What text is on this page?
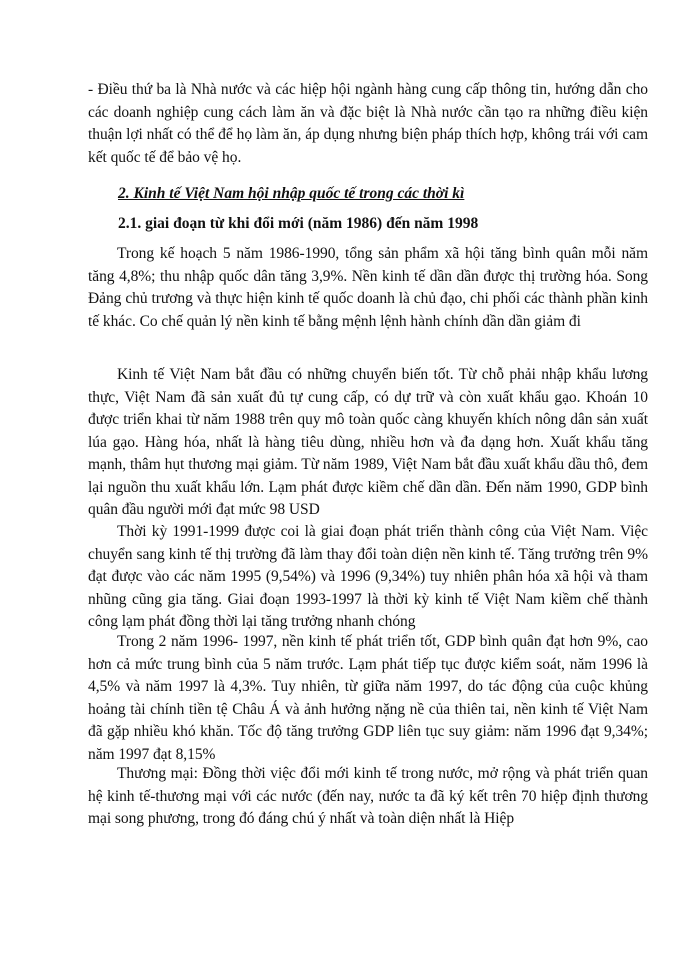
- Điều thứ ba là Nhà nước và các hiệp hội ngành hàng cung cấp thông tin, hướng dẫn cho các doanh nghiệp cung cách làm ăn và đặc biệt là Nhà nước cần tạo ra những điều kiện thuận lợi nhất có thể để họ làm ăn, áp dụng nhưng biện pháp thích hợp, không trái với cam kết quốc tế để bảo vệ họ.

2. Kinh tế Việt Nam hội nhập quốc tế trong các thời kì

2.1. giai đoạn từ khi đổi mới (năm 1986) đến năm 1998

Trong kế hoạch 5 năm 1986-1990, tổng sản phẩm xã hội tăng bình quân mỗi năm tăng 4,8%; thu nhập quốc dân tăng 3,9%. Nền kinh tế dần dần được thị trường hóa. Song Đảng chủ trương và thực hiện kinh tế quốc doanh là chủ đạo, chi phối các thành phần kinh tế khác. Co chế quản lý nền kinh tế bằng mệnh lệnh hành chính dần dần giảm đi

Kinh tế Việt Nam bắt đầu có những chuyển biến tốt. Từ chỗ phải nhập khẩu lương thực, Việt Nam đã sản xuất đủ tự cung cấp, có dự trữ và còn xuất khẩu gạo. Khoán 10 được triển khai từ năm 1988 trên quy mô toàn quốc càng khuyến khích nông dân sản xuất lúa gạo. Hàng hóa, nhất là hàng tiêu dùng, nhiều hơn và đa dạng hơn. Xuất khẩu tăng mạnh, thâm hụt thương mại giảm. Từ năm 1989, Việt Nam bắt đầu xuất khẩu dầu thô, đem lại nguồn thu xuất khẩu lớn. Lạm phát được kiềm chế dần dần. Đến năm 1990, GDP bình quân đầu người mới đạt mức 98 USD

Thời kỳ 1991-1999 được coi là giai đoạn phát triển thành công của Việt Nam. Việc chuyển sang kinh tế thị trường đã làm thay đổi toàn diện nền kinh tế. Tăng trưởng trên 9% đạt được vào các năm 1995 (9,54%) và 1996 (9,34%) tuy nhiên phân hóa xã hội và tham nhũng cũng gia tăng. Giai đoạn 1993-1997 là thời kỳ kinh tế Việt Nam kiềm chế thành công lạm phát đồng thời lại tăng trưởng nhanh chóng

Trong 2 năm 1996- 1997, nền kinh tế phát triển tốt, GDP bình quân đạt hơn 9%, cao hơn cả mức trung bình của 5 năm trước. Lạm phát tiếp tục được kiểm soát, năm 1996 là 4,5% và năm 1997 là 4,3%. Tuy nhiên, từ giữa năm 1997, do tác động của cuộc khủng hoảng tài chính tiền tệ Châu Á và ảnh hưởng nặng nề của thiên tai, nền kinh tế Việt Nam đã gặp nhiều khó khăn. Tốc độ tăng trưởng GDP liên tục suy giảm: năm 1996 đạt 9,34%; năm 1997 đạt 8,15%

Thương mại: Đồng thời việc đổi mới kinh tế trong nước, mở rộng và phát triển quan hệ kinh tế-thương mại với các nước (đến nay, nước ta đã ký kết trên 70 hiệp định thương mại song phương, trong đó đáng chú ý nhất và toàn diện nhất là Hiệp
